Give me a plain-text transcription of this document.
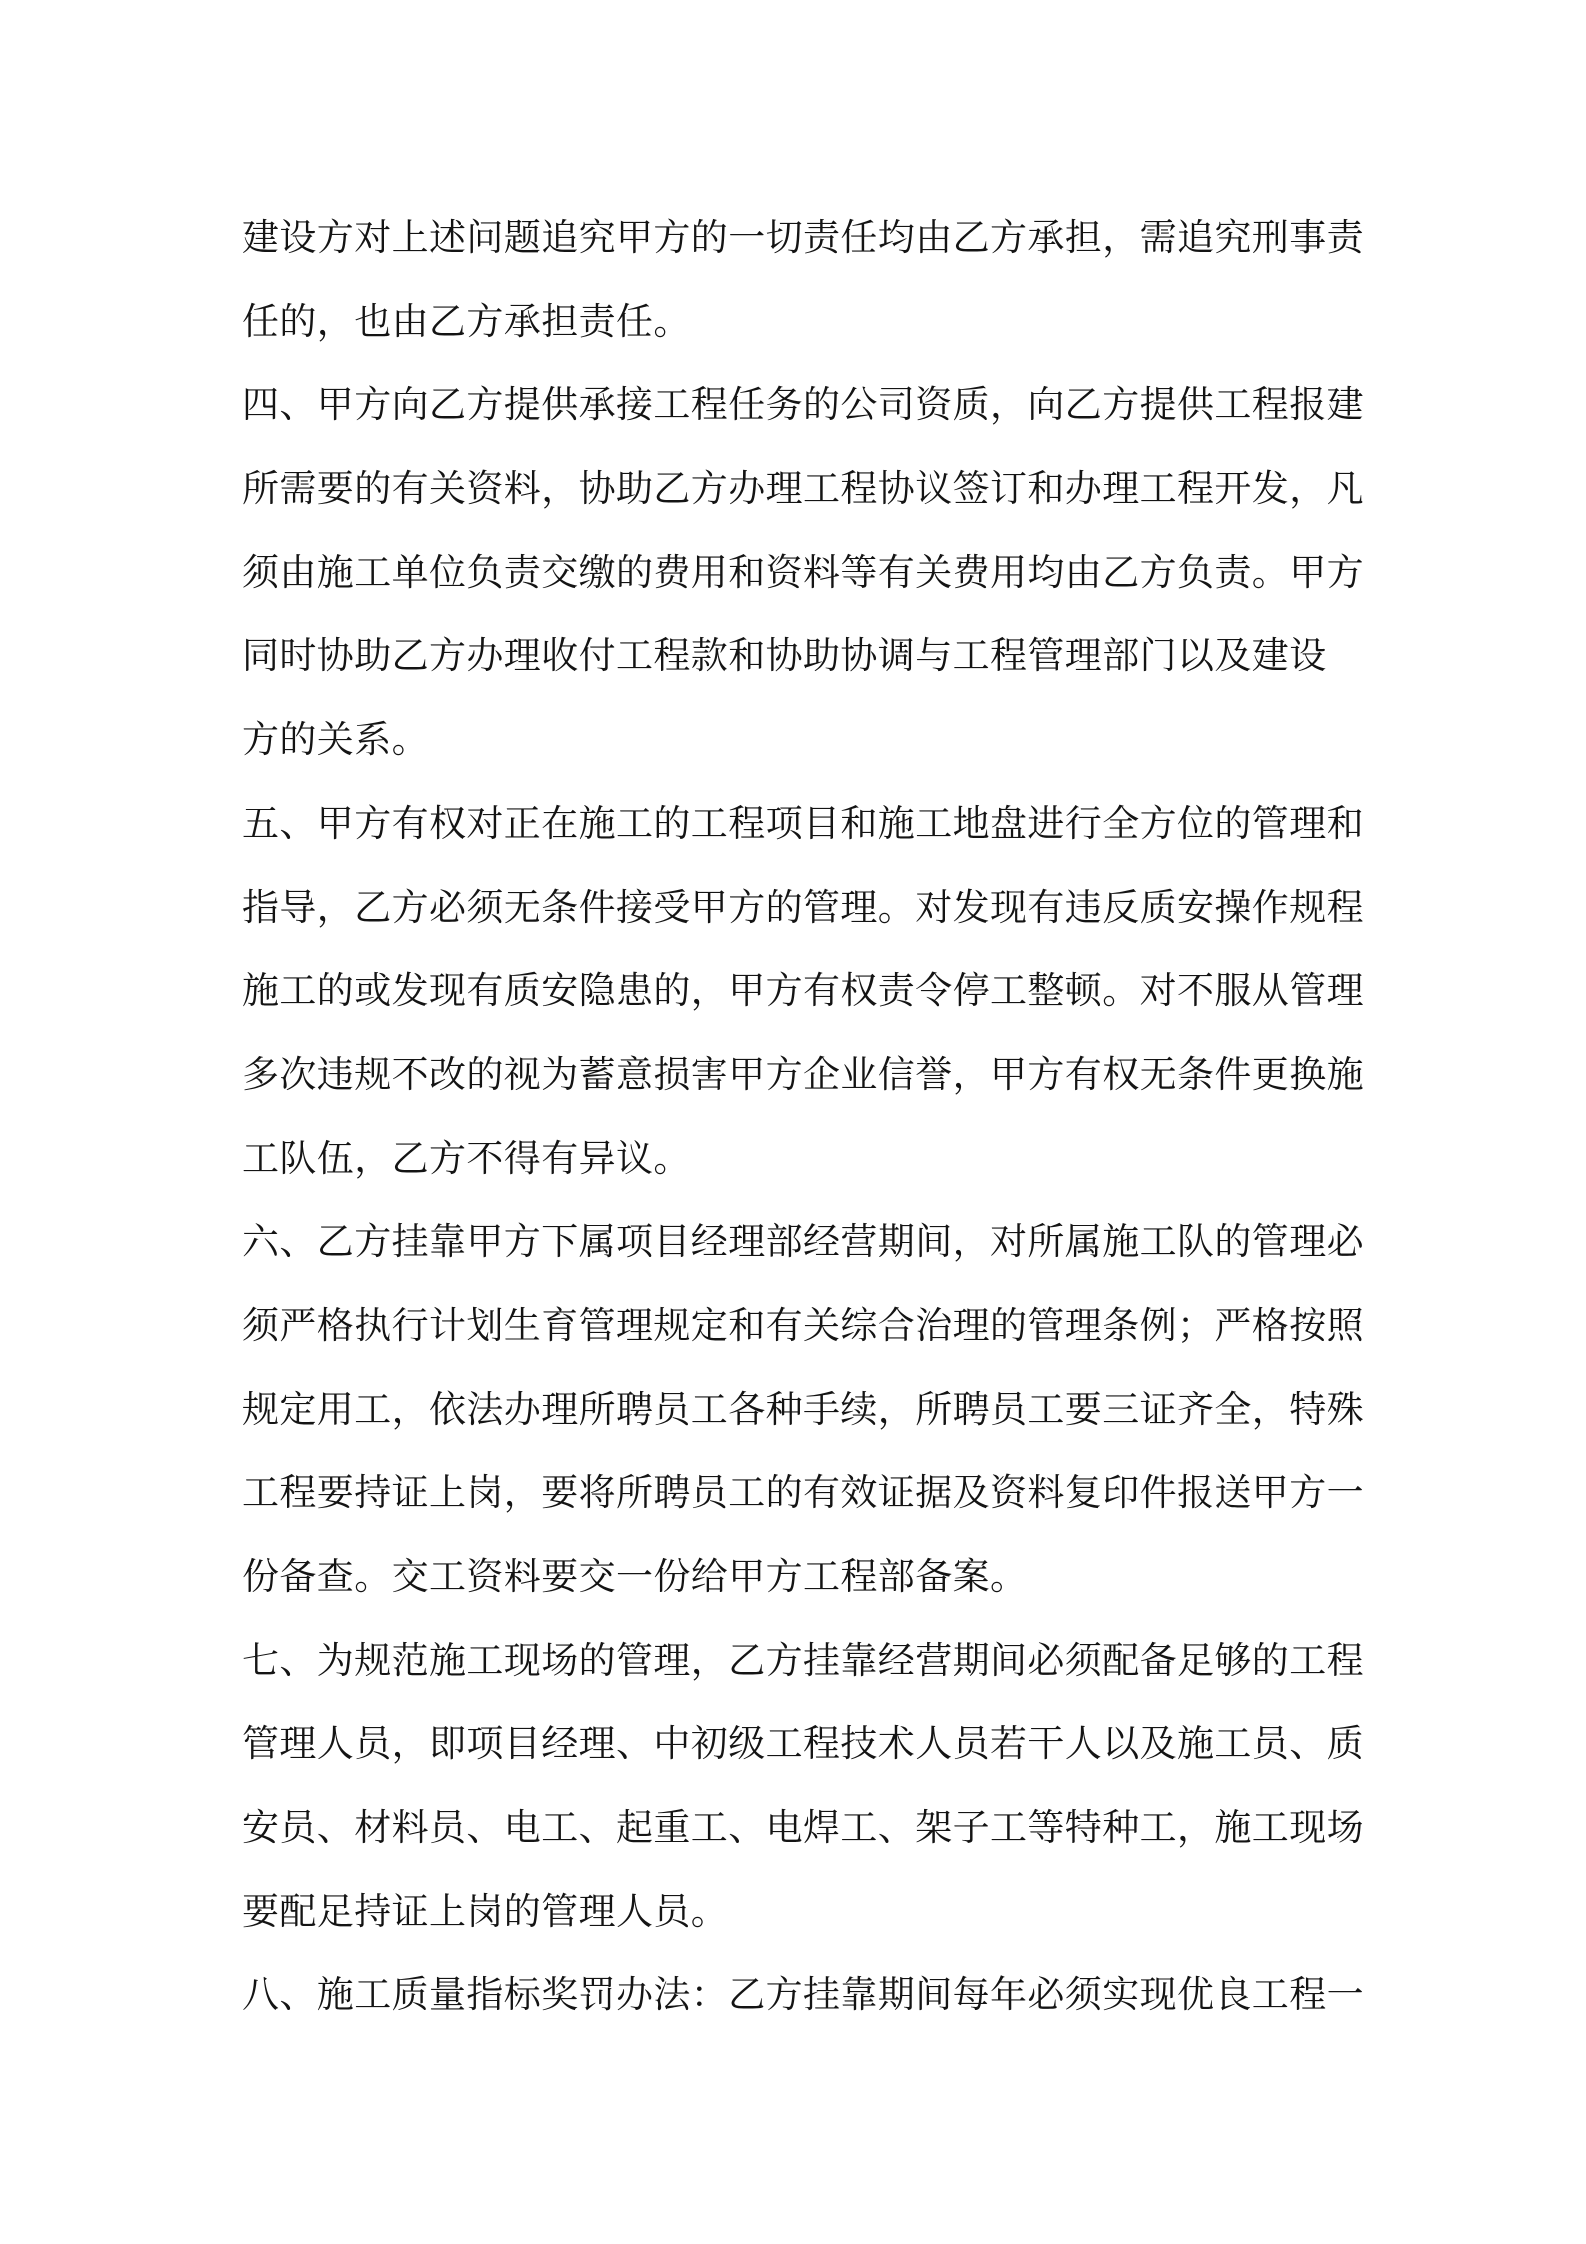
建设方对上述问题追究甲方的一切责任均由乙方承担，需追究刑事责
任的，也由乙方承担责任。
四、甲方向乙方提供承接工程任务的公司资质，向乙方提供工程报建
所需要的有关资料，协助乙方办理工程协议签订和办理工程开发，凡
须由施工单位负责交缴的费用和资料等有关费用均由乙方负责。甲方
同时协助乙方办理收付工程款和协助协调与工程管理部门以及建设
方的关系。
五、甲方有权对正在施工的工程项目和施工地盘进行全方位的管理和
指导，乙方必须无条件接受甲方的管理。对发现有违反质安操作规程
施工的或发现有质安隐患的，甲方有权责令停工整顿。对不服从管理
多次违规不改的视为蓄意损害甲方企业信誉，甲方有权无条件更换施
工队伍，乙方不得有异议。
六、乙方挂靠甲方下属项目经理部经营期间，对所属施工队的管理必
须严格执行计划生育管理规定和有关综合治理的管理条例；严格按照
规定用工，依法办理所聘员工各种手续，所聘员工要三证齐全，特殊
工程要持证上岗，要将所聘员工的有效证据及资料复印件报送甲方一
份备查。交工资料要交一份给甲方工程部备案。
七、为规范施工现场的管理，乙方挂靠经营期间必须配备足够的工程
管理人员，即项目经理、中初级工程技术人员若干人以及施工员、质
安员、材料员、电工、起重工、电焊工、架子工等特种工，施工现场
要配足持证上岗的管理人员。
八、施工质量指标奖罚办法：乙方挂靠期间每年必须实现优良工程一
